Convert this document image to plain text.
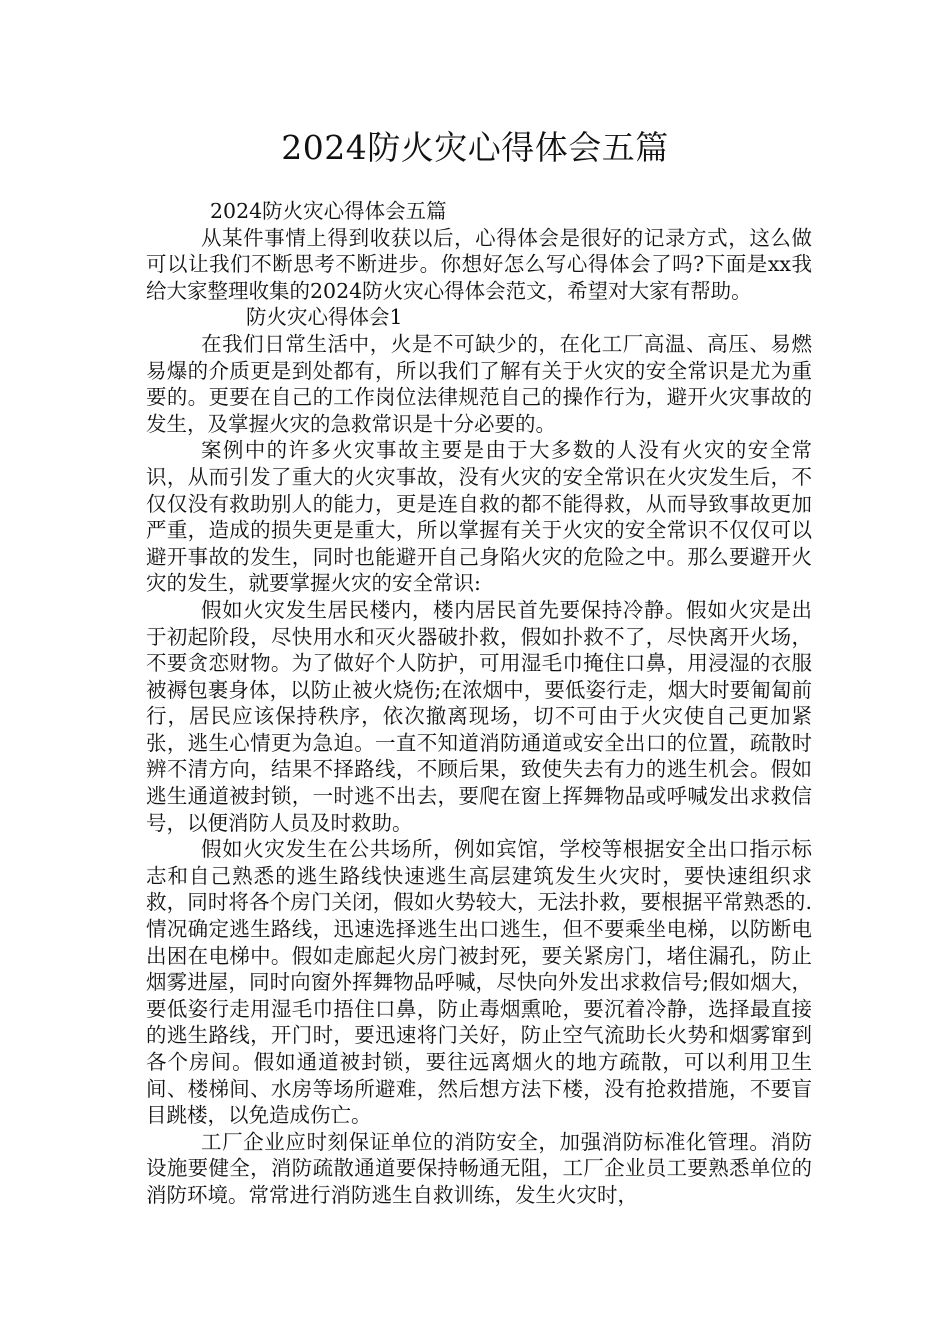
2024防火灾心得体会五篇

2024防火灾心得体会五篇

从某件事情上得到收获以后，心得体会是很好的记录方式，这么做可以让我们不断思考不断进步。你想好怎么写心得体会了吗?下面是xx我给大家整理收集的2024防火灾心得体会范文，希望对大家有帮助。

防火灾心得体会1

在我们日常生活中，火是不可缺少的，在化工厂高温、高压、易燃易爆的介质更是到处都有，所以我们了解有关于火灾的安全常识是尤为重要的。更要在自己的工作岗位法律规范自己的操作行为，避开火灾事故的发生，及掌握火灾的急救常识是十分必要的。

案例中的许多火灾事故主要是由于大多数的人没有火灾的安全常识，从而引发了重大的火灾事故，没有火灾的安全常识在火灾发生后，不仅仅没有救助别人的能力，更是连自救的都不能得救，从而导致事故更加严重，造成的损失更是重大，所以掌握有关于火灾的安全常识不仅仅可以避开事故的发生，同时也能避开自己身陷火灾的危险之中。那么要避开火灾的发生，就要掌握火灾的安全常识:

假如火灾发生居民楼内，楼内居民首先要保持冷静。假如火灾是出于初起阶段，尽快用水和灭火器破扑救，假如扑救不了，尽快离开火场，不要贪恋财物。为了做好个人防护，可用湿毛巾掩住口鼻，用浸湿的衣服被褥包裹身体，以防止被火烧伤;在浓烟中，要低姿行走，烟大时要匍匐前行，居民应该保持秩序，依次撤离现场，切不可由于火灾使自己更加紧张，逃生心情更为急迫。一直不知道消防通道或安全出口的位置，疏散时辨不清方向，结果不择路线，不顾后果，致使失去有力的逃生机会。假如逃生通道被封锁，一时逃不出去，要爬在窗上挥舞物品或呼喊发出求救信号，以便消防人员及时救助。

假如火灾发生在公共场所，例如宾馆，学校等根据安全出口指示标志和自己熟悉的逃生路线快速逃生高层建筑发生火灾时，要快速组织求救，同时将各个房门关闭，假如火势较大，无法扑救，要根据平常熟悉的.情况确定逃生路线，迅速选择逃生出口逃生，但不要乘坐电梯，以防断电出困在电梯中。假如走廊起火房门被封死，要关紧房门，堵住漏孔，防止烟雾进屋，同时向窗外挥舞物品呼喊，尽快向外发出求救信号;假如烟大，要低姿行走用湿毛巾捂住口鼻，防止毒烟熏呛，要沉着冷静，选择最直接的逃生路线，开门时，要迅速将门关好，防止空气流助长火势和烟雾窜到各个房间。假如通道被封锁，要往远离烟火的地方疏散，可以利用卫生间、楼梯间、水房等场所避难，然后想方法下楼，没有抢救措施，不要盲目跳楼，以免造成伤亡。

工厂企业应时刻保证单位的消防安全，加强消防标准化管理。消防设施要健全，消防疏散通道要保持畅通无阻，工厂企业员工要熟悉单位的消防环境。常常进行消防逃生自救训练，发生火灾时，
